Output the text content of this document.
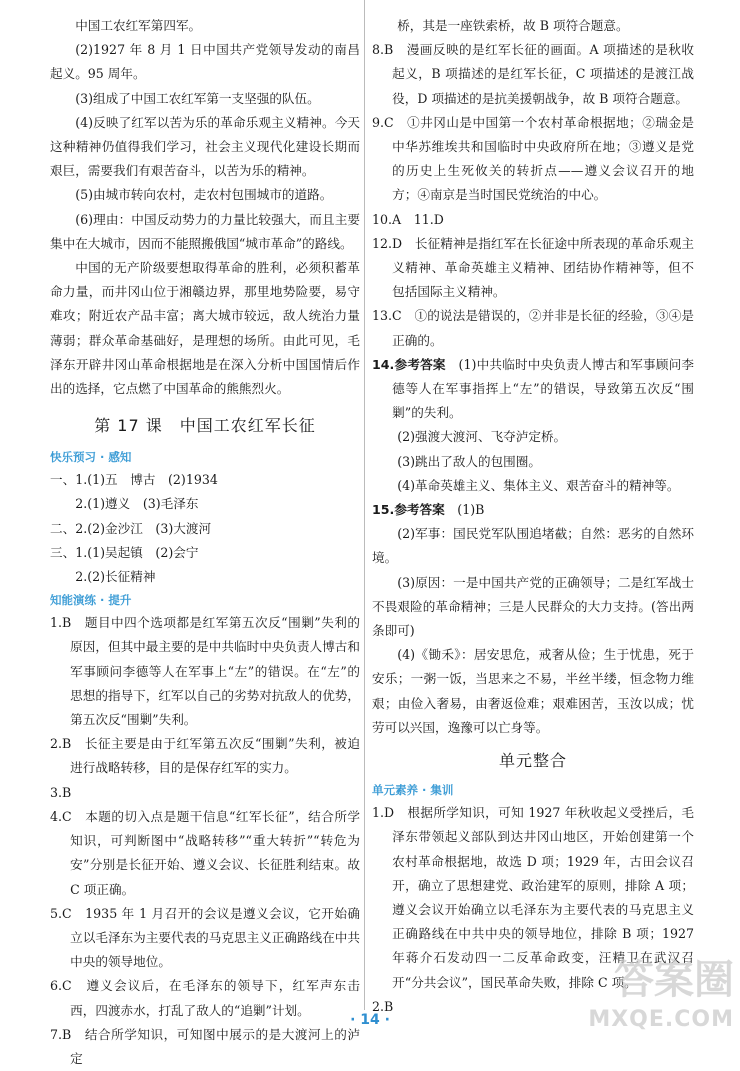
中国工农红军第四军。

(2)1927 年 8 月 1 日中国共产党领导发动的南昌起义。95 周年。

(3)组成了中国工农红军第一支坚强的队伍。

(4)反映了红军以苦为乐的革命乐观主义精神。今天这种精神仍值得我们学习，社会主义现代化建设长期而艰巨，需要我们有艰苦奋斗，以苦为乐的精神。

(5)由城市转向农村，走农村包围城市的道路。

(6)理由：中国反动势力的力量比较强大，而且主要集中在大城市，因而不能照搬俄国“城市革命”的路线。

中国的无产阶级要想取得革命的胜利，必须积蓄革命力量，而井冈山位于湘赣边界，那里地势险要，易守难攻；附近农产品丰富；离大城市较远，敌人统治力量薄弱；群众革命基础好，是理想的场所。由此可见，毛泽东开辟井冈山革命根据地是在深入分析中国国情后作出的选择，它点燃了中国革命的熊熊烈火。

第 17 课　中国工农红军长征
快乐预习 · 感知

一、1.(1)五　博古　(2)1934

2.(1)遵义　(3)毛泽东

二、2.(2)金沙江　(3)大渡河

三、1.(1)吴起镇　(2)会宁

2.(2)长征精神

知能演练 · 提升

1.B　题目中四个选项都是红军第五次反“围剿”失利的原因，但其中最主要的是中共临时中央负责人博古和军事顾问李德等人在军事上“左”的错误。在“左”的思想的指导下，红军以自己的劣势对抗敌人的优势，第五次反“围剿”失利。

2.B　长征主要是由于红军第五次反“围剿”失利，被迫进行战略转移，目的是保存红军的实力。

3.B

4.C　本题的切入点是题干信息“红军长征”，结合所学知识，可判断图中“战略转移”“重大转折”“转危为安”分别是长征开始、遵义会议、长征胜利结束。故 C 项正确。

5.C　1935 年 1 月召开的会议是遵义会议，它开始确立以毛泽东为主要代表的马克思主义正确路线在中共中央的领导地位。

6.C　遵义会议后，在毛泽东的领导下，红军声东击西，四渡赤水，打乱了敌人的“追剿”计划。

7.B　结合所学知识，可知图中展示的是大渡河上的泸定

桥，其是一座铁索桥，故 B 项符合题意。

8.B　漫画反映的是红军长征的画面。A 项描述的是秋收起义，B 项描述的是红军长征，C 项描述的是渡江战役，D 项描述的是抗美援朝战争，故 B 项符合题意。

9.C　①井冈山是中国第一个农村革命根据地；②瑞金是中华苏维埃共和国临时中央政府所在地；③遵义是党的历史上生死攸关的转折点——遵义会议召开的地方；④南京是当时国民党统治的中心。

10.A　11.D

12.D　长征精神是指红军在长征途中所表现的革命乐观主义精神、革命英雄主义精神、团结协作精神等，但不包括国际主义精神。

13.C　①的说法是错误的，②并非是长征的经验，③④是正确的。

14.参考答案　 (1)中共临时中央负责人博古和军事顾问李德等人在军事指挥上“左”的错误，导致第五次反“围剿”的失利。

(2)强渡大渡河、飞夺泸定桥。

(3)跳出了敌人的包围圈。

(4)革命英雄主义、集体主义、艰苦奋斗的精神等。

15.参考答案　 (1)B

(2)军事：国民党军队围追堵截；自然：恶劣的自然环境。

(3)原因：一是中国共产党的正确领导；二是红军战士不畏艰险的革命精神；三是人民群众的大力支持。(答出两条即可)

(4)《锄禾》：居安思危，戒奢从俭；生于忧患，死于安乐；一粥一饭，当思来之不易，半丝半缕，恒念物力维艰；由俭入奢易，由奢返俭难；艰难困苦，玉汝以成；忧劳可以兴国，逸豫可以亡身等。

单元整合
单元素养 · 集训

1.D　根据所学知识，可知 1927 年秋收起义受挫后，毛泽东带领起义部队到达井冈山地区，开始创建第一个农村革命根据地，故选 D 项；1929 年，古田会议召开，确立了思想建党、政治建军的原则，排除 A 项；遵义会议开始确立以毛泽东为主要代表的马克思主义正确路线在中共中央的领导地位，排除 B 项；1927 年蒋介石发动四一二反革命政变，汪精卫在武汉召开“分共会议”，国民革命失败，排除 C 项。

2.B

· 14 ·
答案圈
MXQE.COM
